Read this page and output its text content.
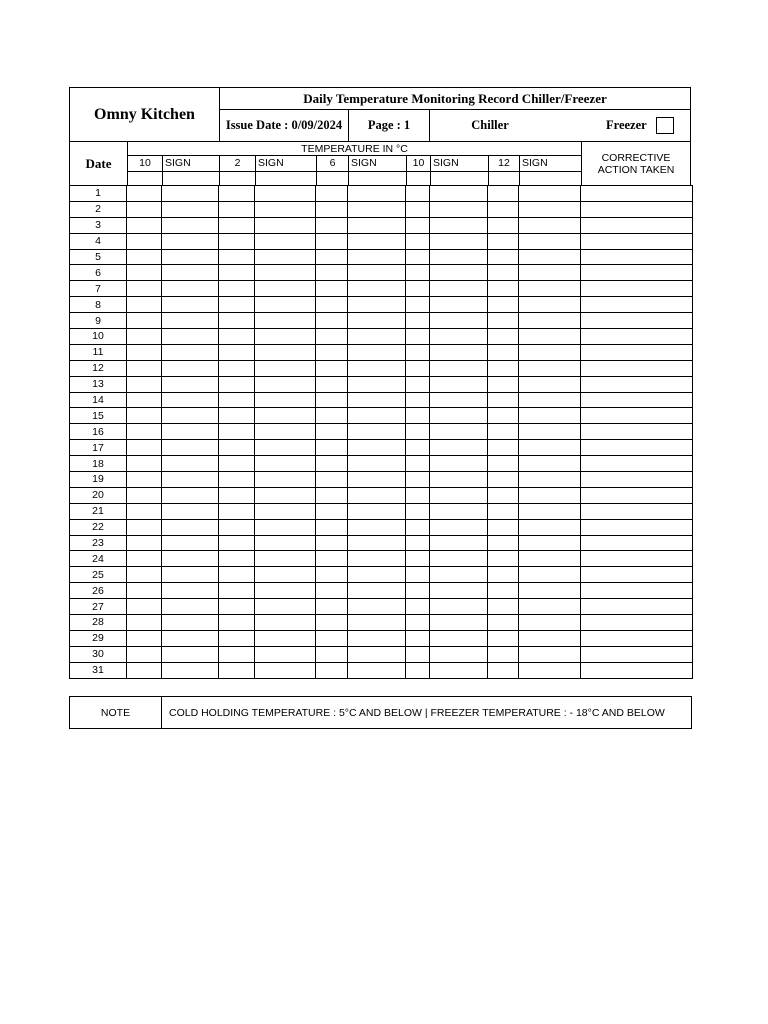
Omny Kitchen
Daily Temperature Monitoring Record Chiller/Freezer
Issue Date : 0/09/2024	Page : 1	Chiller	Freezer
Date
TEMPERATURE IN °C
CORRECTIVE ACTION TAKEN
10	SIGN	2	SIGN	6	SIGN	10 SIGN	12	SIGN
1											
2											
3											
4											
5											
6											
7											
8											
9											
10											
11											
12											
13											
14											
15											
16											
17											
18											
19											
20											
21											
22											
23											
24											
25											
26											
27											
28											
29											
30											
31											
NOTE	COLD HOLDING TEMPERATURE : 5°C AND BELOW | FREEZER TEMPERATURE : - 18°C AND BELOW
